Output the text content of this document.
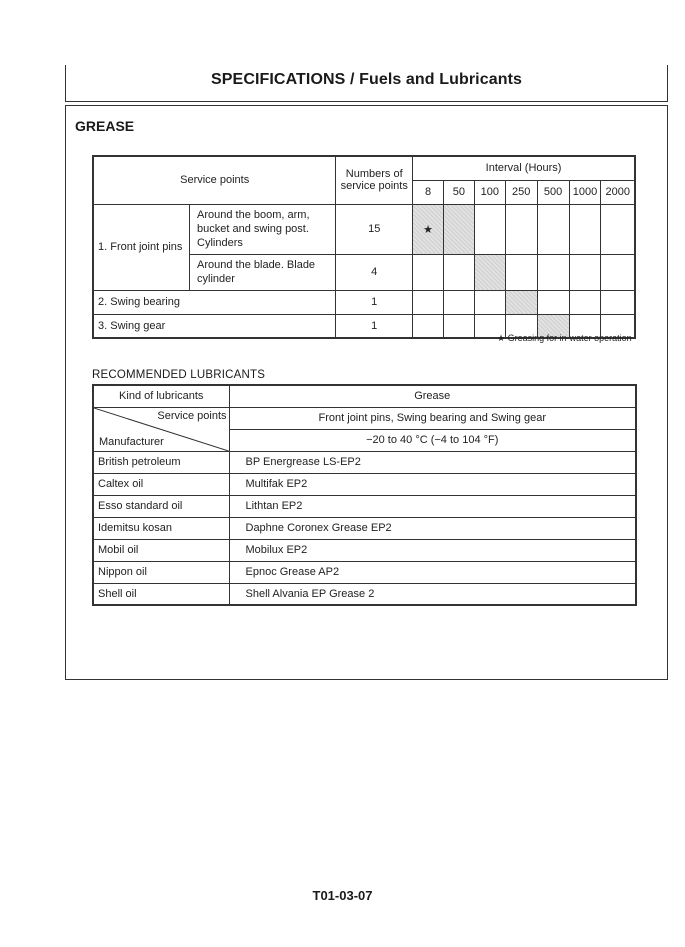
SPECIFICATIONS / Fuels and Lubricants
GREASE
Service points		Numbers of service points	Interval (Hours)						
			8	50	100	250	500	1000	2000
1. Front joint pins	Around the boom, arm, bucket and swing post. Cylinders	15	★						
	Around the blade. Blade cylinder	4							
2. Swing bearing		1							
3. Swing gear		1							
★ Greasing for in-water operation
RECOMMENDED LUBRICANTS
Kind of lubricants	Grease

Service points
Manufacturer	Front joint pins, Swing bearing and Swing gear
	−20 to 40 °C (−4 to 104 °F)
British petroleum	BP Energrease LS-EP2
Caltex oil	Multifak EP2
Esso standard oil	Lithtan EP2
Idemitsu kosan	Daphne Coronex Grease EP2
Mobil oil	Mobilux EP2
Nippon oil	Epnoc Grease AP2
Shell oil	Shell Alvania EP Grease 2
T01-03-07
